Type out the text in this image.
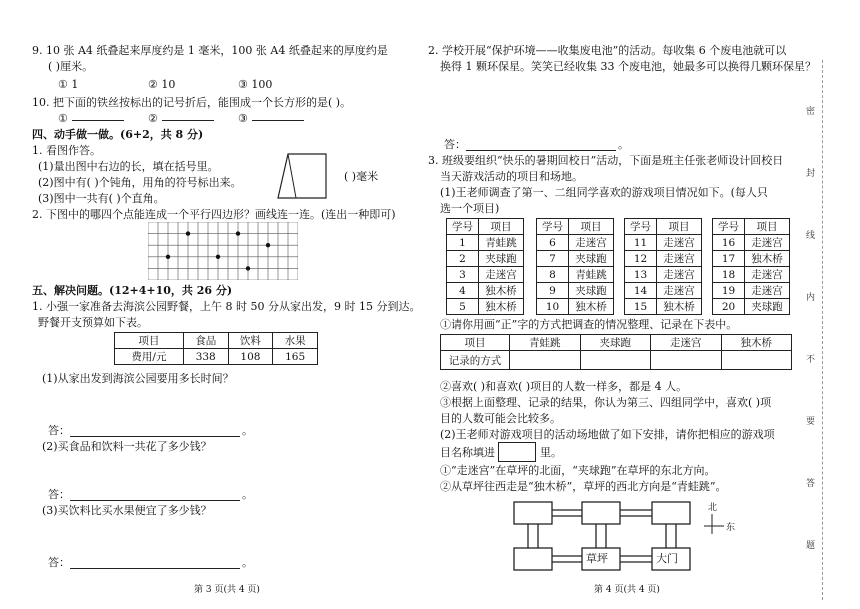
9. 10 张 A4 纸叠起来厚度约是 1 毫米，100 张 A4 纸叠起来的厚度约是
( )厘米。
① 1	② 10	③ 100
10. 把下面的铁丝按标出的记号折后，能围成一个长方形的是( )。
①	②	③
四、动手做一做。(6+2，共 8 分)
1. 看图作答。
(1)量出图中右边的长，填在括号里。
(2)图中有( )个钝角，用角的符号标出来。
(3)图中一共有( )个直角。
( )毫米
2. 下图中的哪四个点能连成一个平行四边形？画线连一连。(连出一种即可)
五、解决问题。(12+4+10，共 26 分)
1. 小强一家准备去海滨公园野餐，上午 8 时 50 分从家出发，9 时 15 分到达。
野餐开支预算如下表。
项目	食品	饮料	水果
费用/元	338	108	165
(1)从家出发到海滨公园要用多长时间？
答：	。
(2)买食品和饮料一共花了多少钱？
答：	。
(3)买饮料比买水果便宜了多少钱？
答：	。
第 3 页(共 4 页)
2. 学校开展“保护环境——收集废电池”的活动。每收集 6 个废电池就可以
换得 1 颗环保星。笑笑已经收集 33 个废电池，她最多可以换得几颗环保星？
答：	。
3. 班级要组织“快乐的暑期回校日”活动，下面是班主任张老师设计回校日
当天游戏活动的项目和场地。
(1)王老师调查了第一、二组同学喜欢的游戏项目情况如下。(每人只
选一个项目)
学号	项目
1	青蛙跳
2	夹球跑
3	走迷宫
4	独木桥
5	独木桥
学号	项目
6	走迷宫
7	夹球跑
8	青蛙跳
9	夹球跑
10	独木桥
学号	项目
11	走迷宫
12	走迷宫
13	走迷宫
14	走迷宫
15	独木桥
学号	项目
16	走迷宫
17	独木桥
18	走迷宫
19	走迷宫
20	夹球跑
①请你用画“正”字的方式把调查的情况整理、记录在下表中。
项目	青蛙跳	夹球跑	走迷宫	独木桥
记录的方式				
②喜欢( )和喜欢( )项目的人数一样多，都是 4 人。
③根据上面整理、记录的结果，你认为第三、四组同学中，喜欢( )项
目的人数可能会比较多。
(2)王老师对游戏项目的活动场地做了如下安排，请你把相应的游戏项
目名称填进	里。
①“走迷宫”在草坪的北面，“夹球跑”在草坪的东北方向。
②从草坪往西走是“独木桥”，草坪的西北方向是“青蛙跳”。
草坪	大门
北
东
第 4 页(共 4 页)
密
封
线
内
不
要
答
题
